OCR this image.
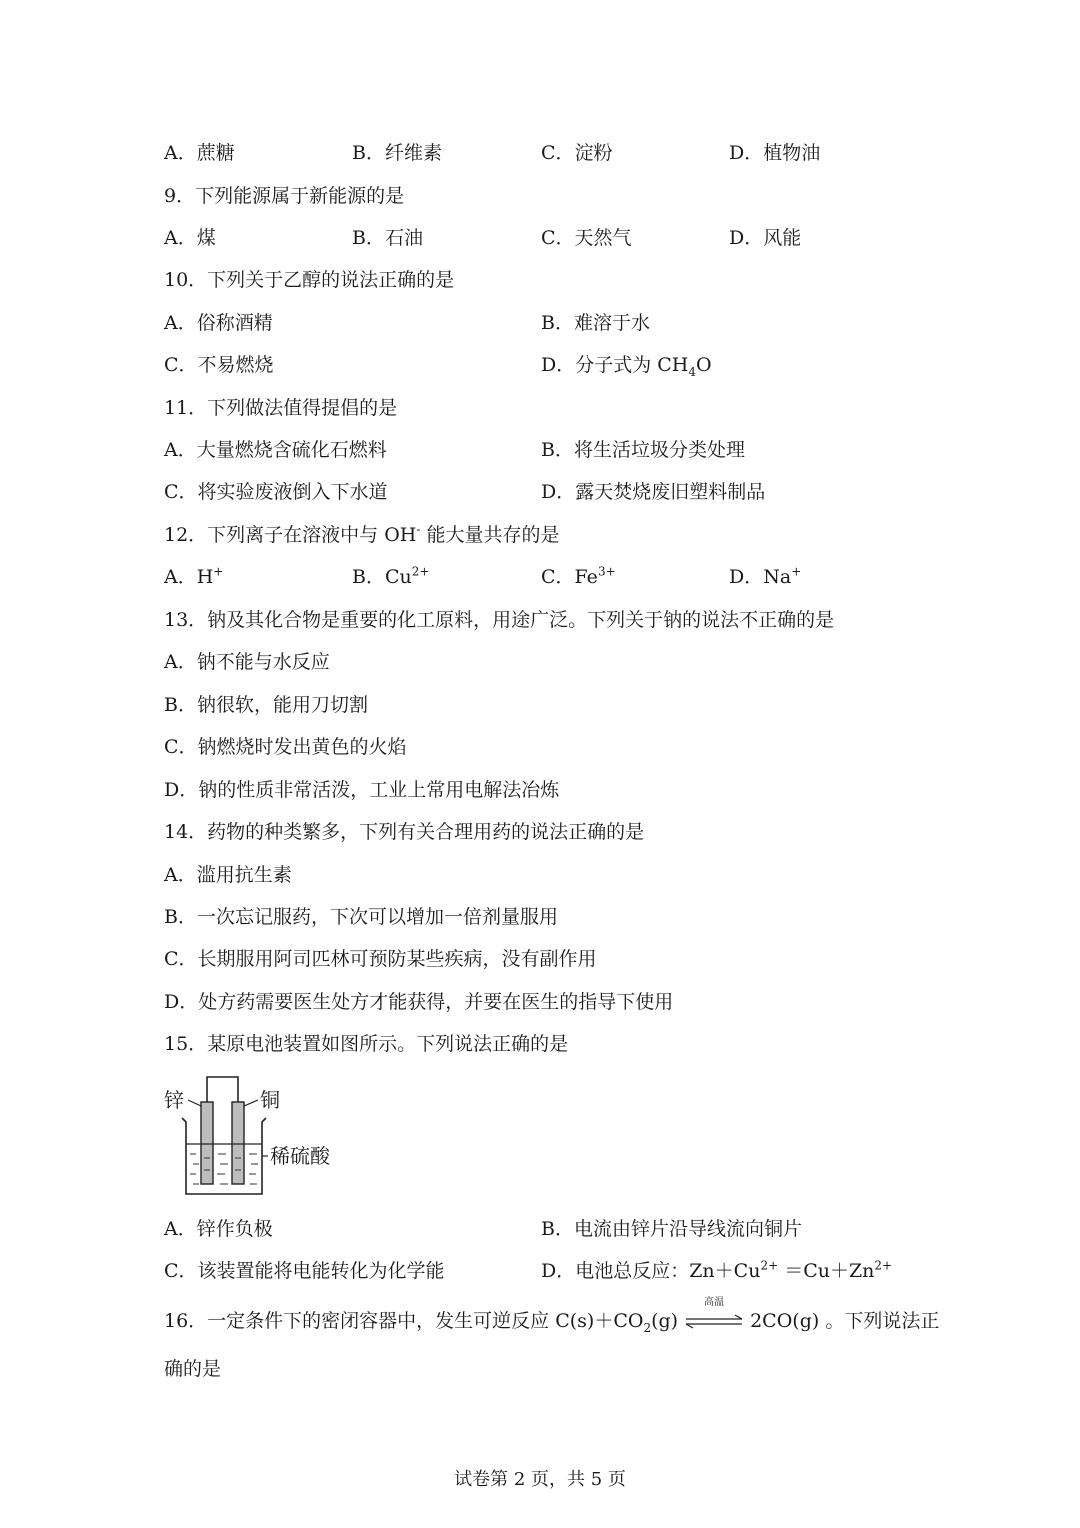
A．蔗糖	B．纤维素	C．淀粉	D．植物油
9．下列能源属于新能源的是
A．煤	B．石油	C．天然气	D．风能
10．下列关于乙醇的说法正确的是
A．俗称酒精	B．难溶于水
C．不易燃烧	D．分子式为 $CH_4O$
11．下列做法值得提倡的是
A．大量燃烧含硫化石燃料	B．将生活垃圾分类处理
C．将实验废液倒入下水道	D．露天焚烧废旧塑料制品
12．下列离子在溶液中与 OH- 能大量共存的是
A．H+	B．$Cu^{2+}$	C．$Fe^{3+}$	D．Na+
13．钠及其化合物是重要的化工原料，用途广泛。下列关于钠的说法不正确的是
A．钠不能与水反应
B．钠很软，能用刀切割
C．钠燃烧时发出黄色的火焰
D．钠的性质非常活泼，工业上常用电解法冶炼
14．药物的种类繁多，下列有关合理用药的说法正确的是
A．滥用抗生素
B．一次忘记服药，下次可以增加一倍剂量服用
C．长期服用阿司匹林可预防某些疾病，没有副作用
D．处方药需要医生处方才能获得，并要在医生的指导下使用
15．某原电池装置如图所示。下列说法正确的是
锌	铜
稀硫酸
A．锌作负极	B．电流由锌片沿导线流向铜片
C．该装置能将电能转化为化学能	D．电池总反应：$Zn+Cu^{2+} =Cu+Zn^{2+}$
16．一定条件下的密闭容器中，发生可逆反应 $C(s)+CO_2(g)$
高温
2CO(g) 。下列说法正
确的是
试卷第 2 页，共 5 页
